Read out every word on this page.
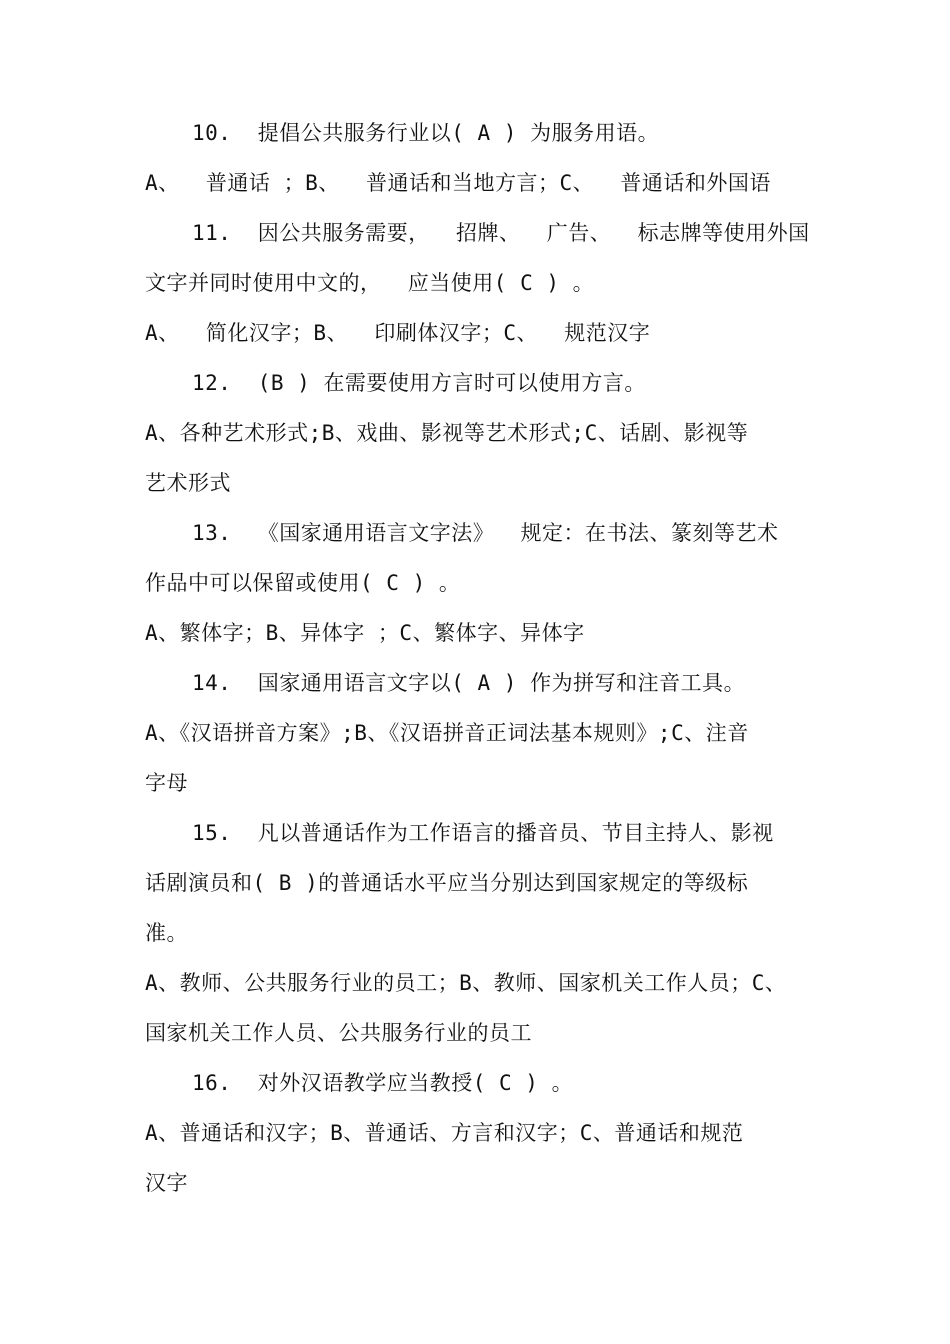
10.  提倡公共服务行业以( A ) 为服务用语。
A、  普通话 ；B、  普通话和当地方言；C、  普通话和外国语
11.  因公共服务需要，  招牌、  广告、  标志牌等使用外国
文字并同时使用中文的，  应当使用( C ) 。
A、  简化汉字；B、  印刷体汉字；C、  规范汉字
12.  (B ) 在需要使用方言时可以使用方言。
A、各种艺术形式;B、戏曲、影视等艺术形式;C、话剧、影视等
艺术形式
13.  《国家通用语言文字法》  规定：在书法、篆刻等艺术
作品中可以保留或使用( C ) 。
A、繁体字；B、异体字 ；C、繁体字、异体字
14.  国家通用语言文字以( A ) 作为拼写和注音工具。
A、《汉语拼音方案》;B、《汉语拼音正词法基本规则》;C、注音
字母
15.  凡以普通话作为工作语言的播音员、节目主持人、影视
话剧演员和( B )的普通话水平应当分别达到国家规定的等级标
准。
A、教师、公共服务行业的员工；B、教师、国家机关工作人员；C、
国家机关工作人员、公共服务行业的员工
16.  对外汉语教学应当教授( C ) 。
A、普通话和汉字；B、普通话、方言和汉字；C、普通话和规范
汉字
